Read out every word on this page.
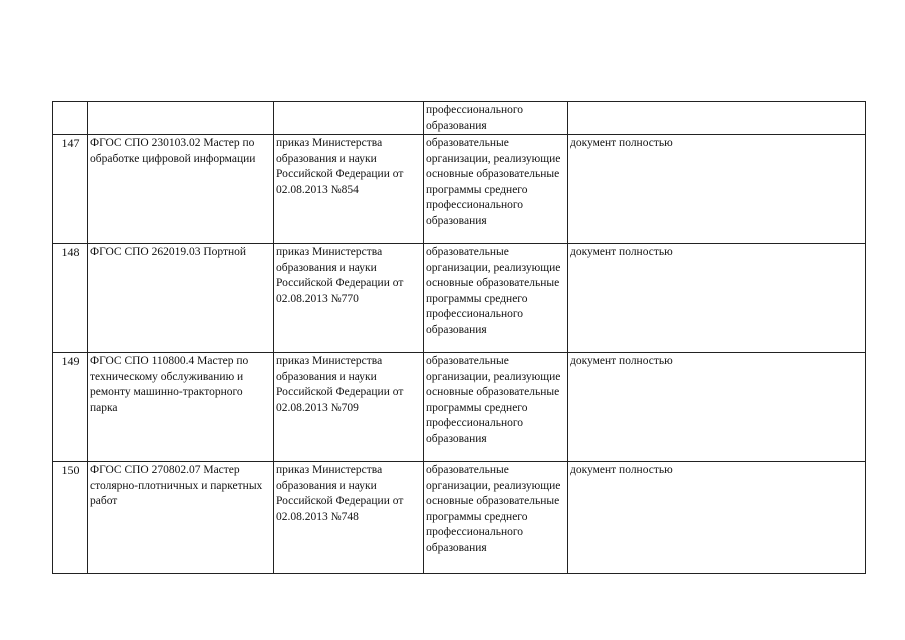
			профессионального образования	
147	ФГОС СПО 230103.02 Мастер по обработке цифровой информации	приказ Министерства образования и науки Российской Федерации от 02.08.2013 №854	образовательные организации, реализующие основные образовательные программы среднего профессионального образования	документ полностью
148	ФГОС СПО 262019.03 Портной	приказ Министерства образования и науки Российской Федерации от 02.08.2013 №770	образовательные организации, реализующие основные образовательные программы среднего профессионального образования	документ полностью
149	ФГОС СПО 110800.4 Мастер по техническому обслуживанию и ремонту машинно-тракторного парка	приказ Министерства образования и науки Российской Федерации от 02.08.2013 №709	образовательные организации, реализующие основные образовательные программы среднего профессионального образования	документ полностью
150	ФГОС СПО 270802.07 Мастер столярно-плотничных и паркетных работ	приказ Министерства образования и науки Российской Федерации от 02.08.2013 №748	образовательные организации, реализующие основные образовательные программы среднего профессионального образования	документ полностью
